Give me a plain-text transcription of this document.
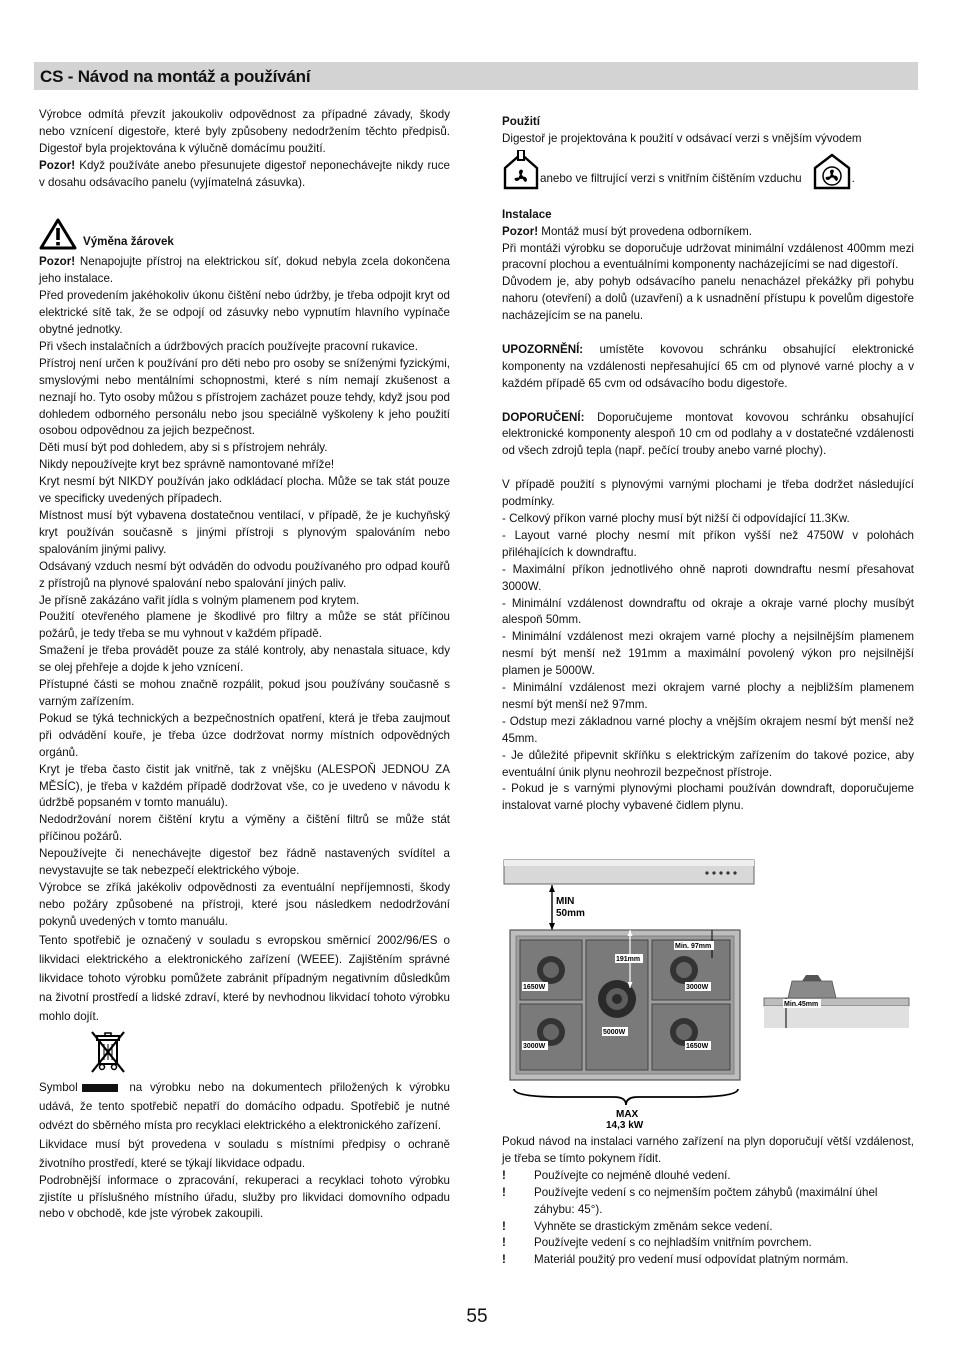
CS - Návod na montáž a používání

Výrobce odmítá převzít jakoukoliv odpovědnost za případné závady, škody nebo vznícení digestoře, které byly způsobeny nedodržením těchto předpisů. Digestoř byla projektována k výlučně domácímu použití.

Pozor! Když používáte anebo přesunujete digestoř neponechávejte nikdy ruce v dosahu odsávacího panelu (vyjímatelná zásuvka).

Výměna žárovek

Pozor! Nenapojujte přístroj na elektrickou síť, dokud nebyla zcela dokončena jeho instalace.

Před provedením jakéhokoliv úkonu čištění nebo údržby, je třeba odpojit kryt od elektrické sítě tak, že se odpojí od zásuvky nebo vypnutím hlavního vypínače obytné jednotky.

Při všech instalačních a údržbových pracích používejte pracovní rukavice.

Přístroj není určen k používání pro děti nebo pro osoby se sníženými fyzickými, smyslovými nebo mentálními schopnostmi, které s ním nemají zkušenost a neznají ho. Tyto osoby můžou s přístrojem zacházet pouze tehdy, když jsou pod dohledem odborného personálu nebo jsou speciálně vyškoleny k jeho použití osobou odpovědnou za jejich bezpečnost.

Děti musí být pod dohledem, aby si s přístrojem nehrály.

Nikdy nepoužívejte kryt bez správně namontované mříže!

Kryt nesmí být NIKDY používán jako odkládací plocha. Může se tak stát pouze ve specificky uvedených případech.

Místnost musí být vybavena dostatečnou ventilací, v případě, že je kuchyňský kryt používán současně s jinými přístroji s plynovým spalováním nebo spalováním jinými palivy.

Odsávaný vzduch nesmí být odváděn do odvodu používaného pro odpad kouřů z přístrojů na plynové spalování nebo spalování jiných paliv.

Je přísně zakázáno vařit jídla s volným plamenem pod krytem.

Použití otevřeného plamene je škodlivé pro filtry a může se stát příčinou požárů, je tedy třeba se mu vyhnout v každém případě.

Smažení je třeba provádět pouze za stálé kontroly, aby nenastala situace, kdy se olej přehřeje a dojde k jeho vznícení.

Přístupné části se mohou značně rozpálit, pokud jsou používány současně s varným zařízením.

Pokud se týká technických a bezpečnostních opatření, která je třeba zaujmout při odvádění kouře, je třeba úzce dodržovat normy místních odpovědných orgánů.

Kryt je třeba často čistit jak vnitřně, tak z vnějšku (ALESPOŇ JEDNOU ZA MĚSÍC), je třeba v každém případě dodržovat vše, co je uvedeno v návodu k údržbě popsaném v tomto manuálu).

Nedodržování norem čištění krytu a výměny a čištění filtrů se může stát příčinou požárů.

Nepoužívejte či nenechávejte digestoř bez řádně nastavených svídítel a nevystavujte se tak nebezpečí elektrického výboje.

Výrobce se zříká jakékoliv odpovědnosti za eventuální nepříjemnosti, škody nebo požáry způsobené na přístroji, které jsou následkem nedodržování pokynů uvedených v tomto manuálu.

Tento spotřebič je označený v souladu s evropskou směrnicí 2002/96/ES o likvidaci elektrického a elektronického zařízení (WEEE). Zajištěním správné likvidace tohoto výrobku pomůžete zabránit případným negativním důsledkům na životní prostředí a lidské zdraví, které by nevhodnou likvidací tohoto výrobku mohlo dojít.

Symbol	na výrobku nebo na dokumentech přiložených k výrobku udává, že tento spotřebič nepatří do domácího odpadu. Spotřebič je nutné odvézt do sběrného místa pro recyklaci elektrického a elektronického zařízení.

Likvidace musí být provedena v souladu s místními předpisy o ochraně životního prostředí, které se týkají likvidace odpadu.

Podrobnější informace o zpracování, rekuperaci a recyklaci tohoto výrobku zjistíte u příslušného místního úřadu, služby pro likvidaci domovního odpadu nebo v obchodě, kde jste výrobek zakoupili.

Použití

Digestoř je projektována k použití v odsávací verzi s vnějším vývodem

anebo ve filtrující verzi s vnitřním čištěním vzduchu	.

Instalace

Pozor! Montáž musí být provedena odborníkem.

Při montáži výrobku se doporučuje udržovat minimální vzdálenost 400mm mezi pracovní plochou a eventuálními komponenty nacházejícími se nad digestoří.

Důvodem je, aby pohyb odsávacího panelu nenacházel překážky při pohybu nahoru (otevření) a dolů (uzavření) a k usnadnění přístupu k povelům digestoře nacházejícím se na panelu.

UPOZORNĚNÍ: umístěte kovovou schránku obsahující elektronické komponenty na vzdálenosti nepřesahující 65 cm od plynové varné plochy a v každém případě 65 cvm od odsávacího bodu digestoře.

DOPORUČENÍ: Doporučujeme montovat kovovou schránku obsahující elektronické komponenty alespoň 10 cm od podlahy a v dostatečné vzdálenosti od všech zdrojů tepla (např. pečící trouby anebo varné plochy).

V případě použití s plynovými varnými plochami je třeba dodržet následující podmínky.

- Celkový příkon varné plochy musí být nižší či odpovídající 11.3Kw.

- Layout varné plochy nesmí mít příkon vyšší než 4750W v polohách přiléhajících k downdraftu.

- Maximální příkon jednotlivého ohně naproti downdraftu nesmí přesahovat 3000W.

- Minimální vzdálenost downdraftu od okraje a okraje varné plochy musíbýt alespoň 50mm.

- Minimální vzdálenost mezi okrajem varné plochy a nejsilnějším plamenem nesmí být menší než 191mm a maximální povolený výkon pro nejsilnější plamen je 5000W.

- Minimální vzdálenost mezi okrajem varné plochy a nejbližším plamenem nesmí být menší než 97mm.

- Odstup mezi základnou varné plochy a vnějším okrajem nesmí být menší než 45mm.

- Je důležité připevnit skříňku s elektrickým zařízením do takové pozice, aby eventuální únik plynu neohrozil bezpečnost přístroje.

- Pokud je s varnými plynovými plochami používán downdraft, doporučujeme instalovat varné plochy vybavené čidlem plynu.

MIN
50mm
1650W	3000W
3000W	1650W
5000W
191mm
Min. 97mm
Min.45mm
MAX
14,3 kW

Pokud návod na instalaci varného zařízení na plyn doporučují větší vzdálenost, je třeba se tímto pokynem řídit.

!	Používejte co nejméně dlouhé vedení.
!	Používejte vedení s co nejmenším počtem záhybů (maximální úhel záhybu: 45°).
!	Vyhněte se drastickým změnám sekce vedení.
!	Používejte vedení s co nejhladším vnitřním povrchem.
!	Materiál použitý pro vedení musí odpovídat platným normám.
55
